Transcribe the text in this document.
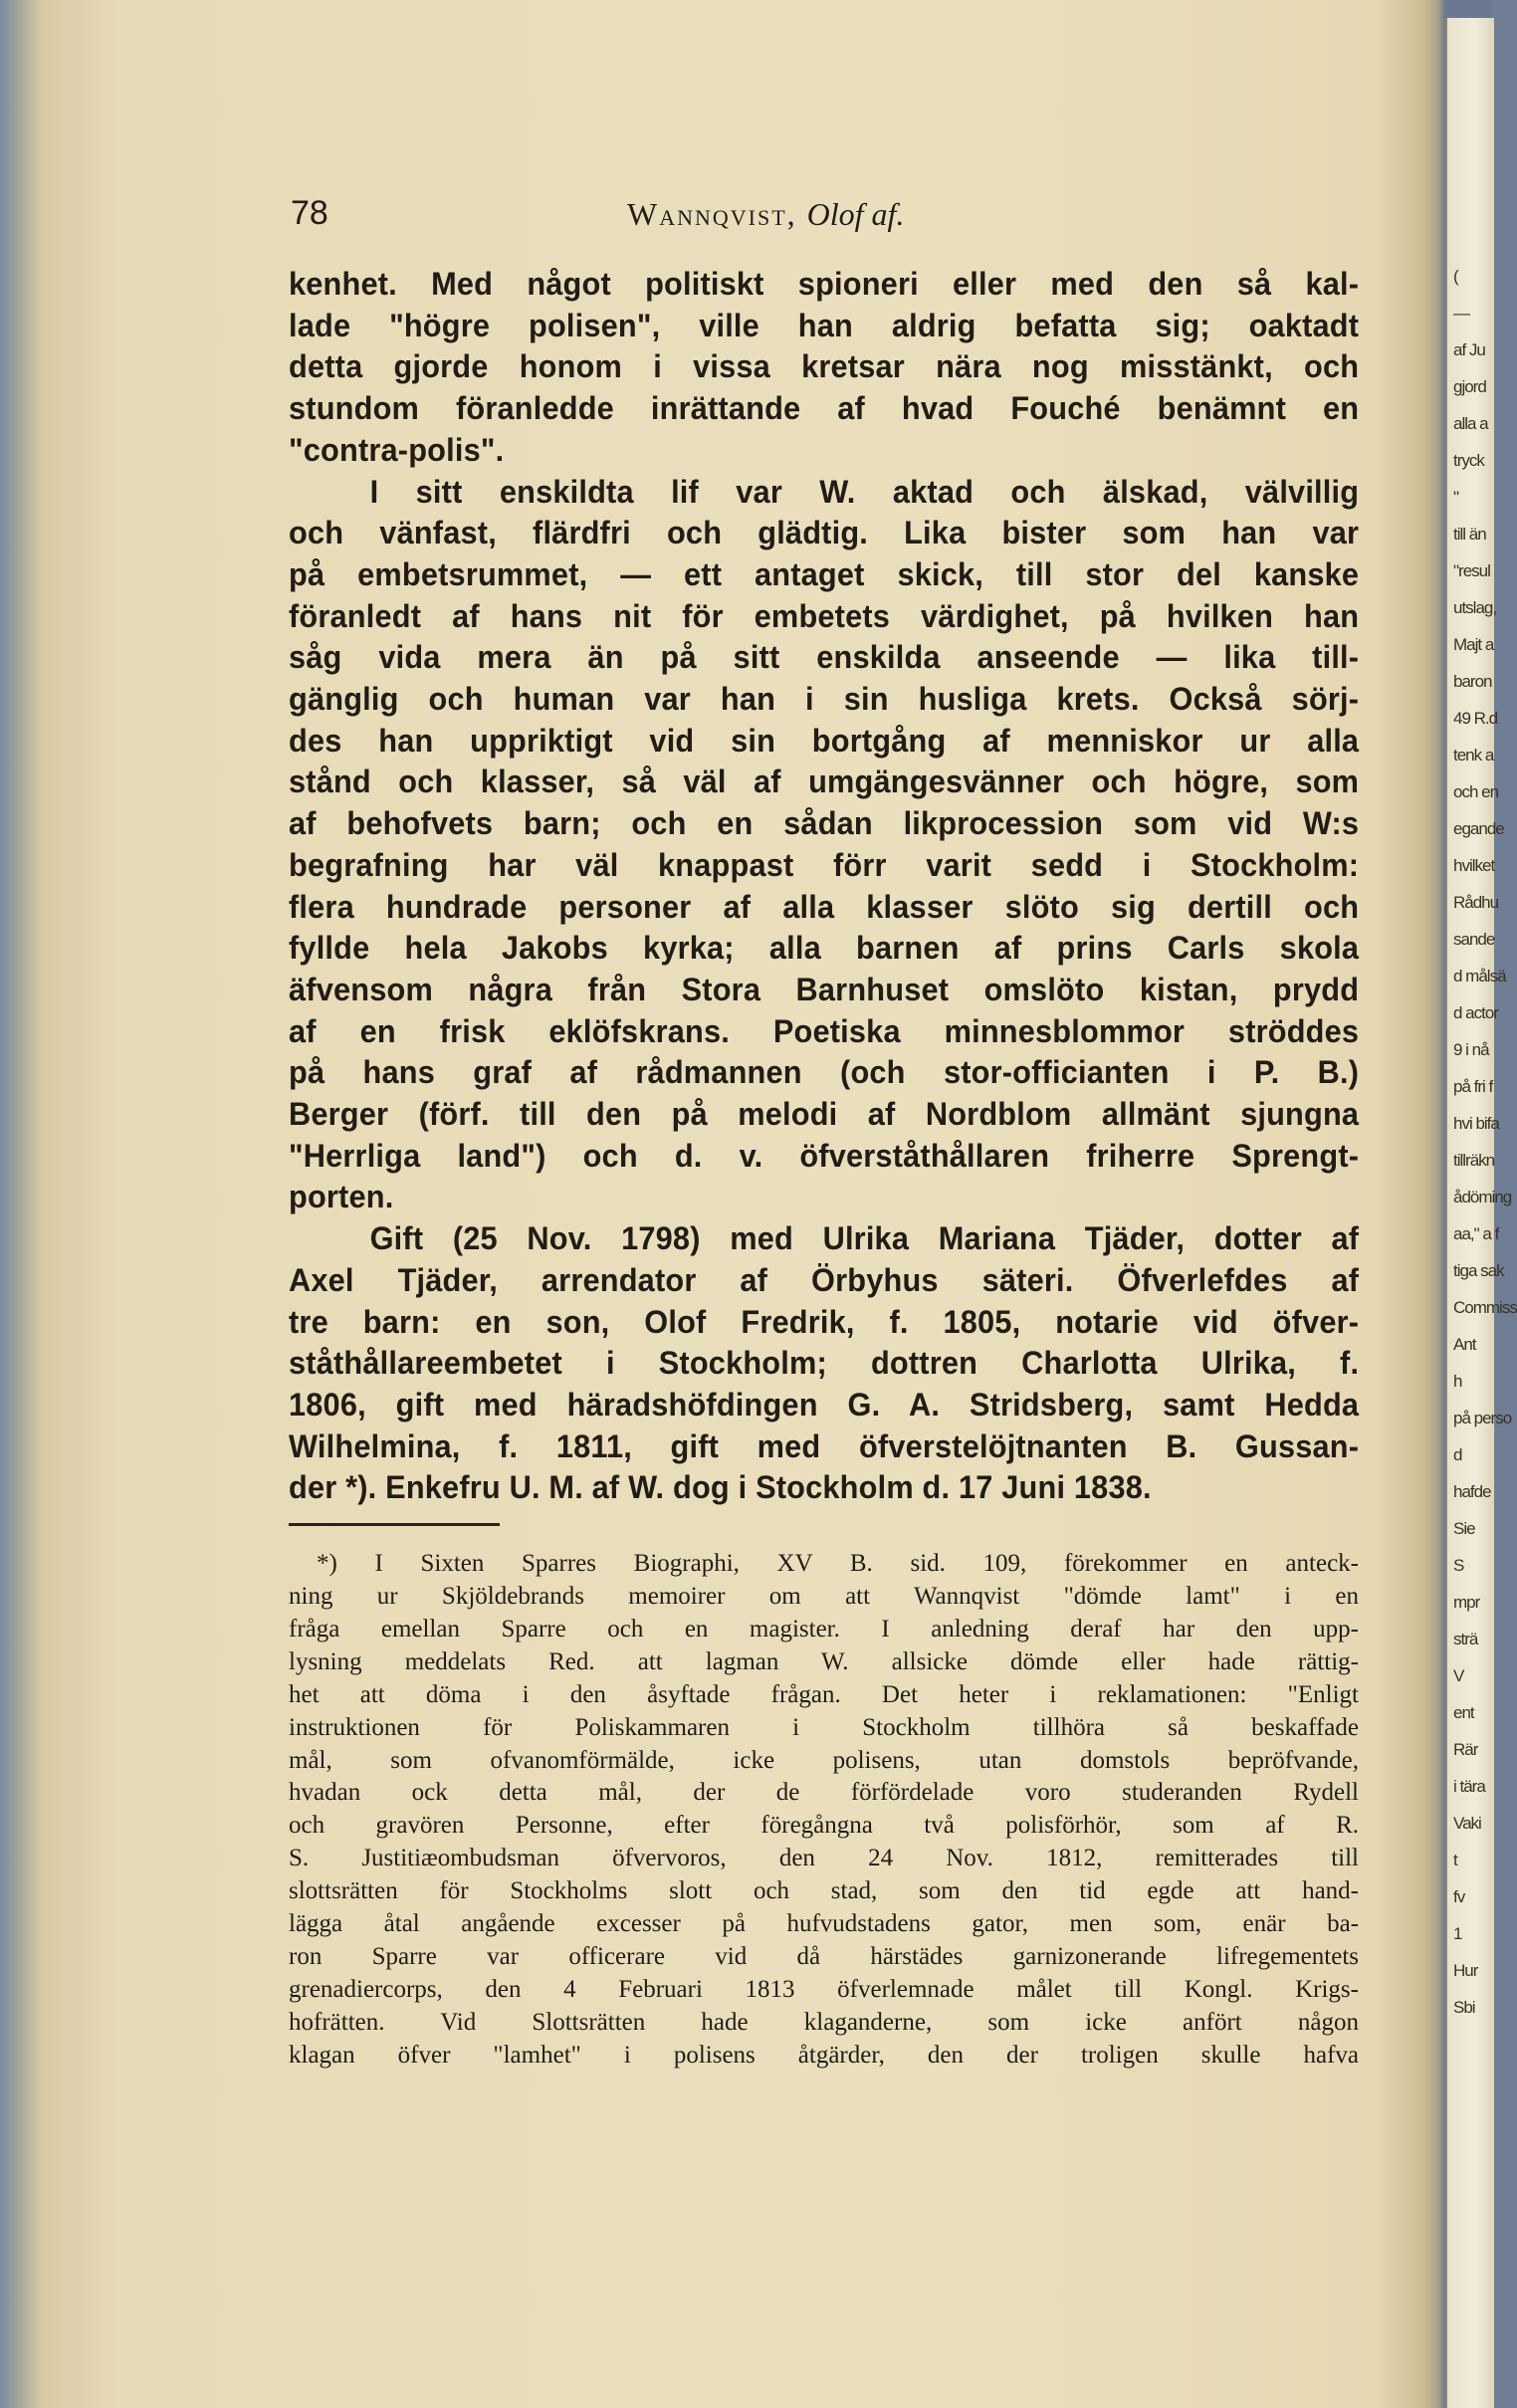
(
—
af Ju
gjord
alla a
tryck
"
till än
"resul
utslag,
Majt a
baron
49 R.d
tenk a
och en
egande
hvilket
Rådhu
sande
d målsä
d actor
9 i nå
på fri f
hvi bifa
tillräkn
ådöming
aa," a f
tiga sak
Commiss
Ant
h
på perso
d
hafde
Sie
S
mpr
strä
V
ent
Rär
i tära
Vaki
t
fv
1
Hur
Sbi
78	Wannqvist, Olof af.
kenhet. Med något politiskt spioneri eller med den så kal-
lade "högre polisen", ville han aldrig befatta sig; oaktadt
detta gjorde honom i vissa kretsar nära nog misstänkt, och
stundom föranledde inrättande af hvad Fouché benämnt en
"contra-polis".
I sitt enskildta lif var W. aktad och älskad, välvillig
och vänfast, flärdfri och glädtig. Lika bister som han var
på embetsrummet, — ett antaget skick, till stor del kanske
föranledt af hans nit för embetets värdighet, på hvilken han
såg vida mera än på sitt enskilda anseende — lika till-
gänglig och human var han i sin husliga krets. Också sörj-
des han uppriktigt vid sin bortgång af menniskor ur alla
stånd och klasser, så väl af umgängesvänner och högre, som
af behofvets barn; och en sådan likprocession som vid W:s
begrafning har väl knappast förr varit sedd i Stockholm:
flera hundrade personer af alla klasser slöto sig dertill och
fyllde hela Jakobs kyrka; alla barnen af prins Carls skola
äfvensom några från Stora Barnhuset omslöto kistan, prydd
af en frisk eklöfskrans. Poetiska minnesblommor ströddes
på hans graf af rådmannen (och stor-officianten i P. B.)
Berger (förf. till den på melodi af Nordblom allmänt sjungna
"Herrliga land") och d. v. öfverståthållaren friherre Sprengt-
porten.
Gift (25 Nov. 1798) med Ulrika Mariana Tjäder, dotter af
Axel Tjäder, arrendator af Örbyhus säteri. Öfverlefdes af
tre barn: en son, Olof Fredrik, f. 1805, notarie vid öfver-
ståthållareembetet i Stockholm; dottren Charlotta Ulrika, f.
1806, gift med häradshöfdingen G. A. Stridsberg, samt Hedda
Wilhelmina, f. 1811, gift med öfverstelöjtnanten B. Gussan-
der *). Enkefru U. M. af W. dog i Stockholm d. 17 Juni 1838.
*) I Sixten Sparres Biographi, XV B. sid. 109, förekommer en anteck-
ning ur Skjöldebrands memoirer om att Wannqvist "dömde lamt" i en
fråga emellan Sparre och en magister. I anledning deraf har den upp-
lysning meddelats Red. att lagman W. allsicke dömde eller hade rättig-
het att döma i den åsyftade frågan. Det heter i reklamationen: "Enligt
instruktionen för Poliskammaren i Stockholm tillhöra så beskaffade
mål, som ofvanomförmälde, icke polisens, utan domstols bepröfvande,
hvadan ock detta mål, der de förfördelade voro studeranden Rydell
och gravören Personne, efter föregångna två polisförhör, som af R.
S. Justitiæombudsman öfvervoros, den 24 Nov. 1812, remitterades till
slottsrätten för Stockholms slott och stad, som den tid egde att hand-
lägga åtal angående excesser på hufvudstadens gator, men som, enär ba-
ron Sparre var officerare vid då härstädes garnizonerande lifregementets
grenadiercorps, den 4 Februari 1813 öfverlemnade målet till Kongl. Krigs-
hofrätten. Vid Slottsrätten hade klaganderne, som icke anfört någon
klagan öfver "lamhet" i polisens åtgärder, den der troligen skulle hafva
